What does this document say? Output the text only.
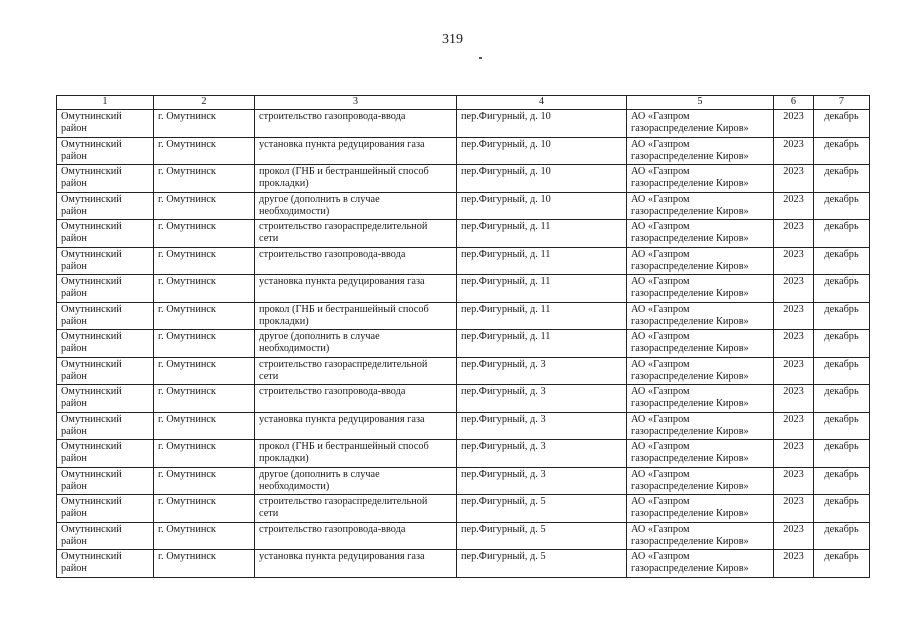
319
1	2	3	4	5	6	7
Омутнинский
район	г. Омутнинск	строительство газопровода-ввода	пер.Фигурный, д. 10	АО «Газпром
газораспределение Киров»	2023	декабрь
Омутнинский
район	г. Омутнинск	установка пункта редуцирования газа	пер.Фигурный, д. 10	АО «Газпром
газораспределение Киров»	2023	декабрь
Омутнинский
район	г. Омутнинск	прокол (ГНБ и бестраншейный способ
прокладки)	пер.Фигурный, д. 10	АО «Газпром
газораспределение Киров»	2023	декабрь
Омутнинский
район	г. Омутнинск	другое (дополнить в случае
необходимости)	пер.Фигурный, д. 10	АО «Газпром
газораспределение Киров»	2023	декабрь
Омутнинский
район	г. Омутнинск	строительство газораспределительной
сети	пер.Фигурный, д. 11	АО «Газпром
газораспределение Киров»	2023	декабрь
Омутнинский
район	г. Омутнинск	строительство газопровода-ввода	пер.Фигурный, д. 11	АО «Газпром
газораспределение Киров»	2023	декабрь
Омутнинский
район	г. Омутнинск	установка пункта редуцирования газа	пер.Фигурный, д. 11	АО «Газпром
газораспределение Киров»	2023	декабрь
Омутнинский
район	г. Омутнинск	прокол (ГНБ и бестраншейный способ
прокладки)	пер.Фигурный, д. 11	АО «Газпром
газораспределение Киров»	2023	декабрь
Омутнинский
район	г. Омутнинск	другое (дополнить в случае
необходимости)	пер.Фигурный, д. 11	АО «Газпром
газораспределение Киров»	2023	декабрь
Омутнинский
район	г. Омутнинск	строительство газораспределительной
сети	пер.Фигурный, д. 3	АО «Газпром
газораспределение Киров»	2023	декабрь
Омутнинский
район	г. Омутнинск	строительство газопровода-ввода	пер.Фигурный, д. 3	АО «Газпром
газораспределение Киров»	2023	декабрь
Омутнинский
район	г. Омутнинск	установка пункта редуцирования газа	пер.Фигурный, д. 3	АО «Газпром
газораспределение Киров»	2023	декабрь
Омутнинский
район	г. Омутнинск	прокол (ГНБ и бестраншейный способ
прокладки)	пер.Фигурный, д. 3	АО «Газпром
газораспределение Киров»	2023	декабрь
Омутнинский
район	г. Омутнинск	другое (дополнить в случае
необходимости)	пер.Фигурный, д. 3	АО «Газпром
газораспределение Киров»	2023	декабрь
Омутнинский
район	г. Омутнинск	строительство газораспределительной
сети	пер.Фигурный, д. 5	АО «Газпром
газораспределение Киров»	2023	декабрь
Омутнинский
район	г. Омутнинск	строительство газопровода-ввода	пер.Фигурный, д. 5	АО «Газпром
газораспределение Киров»	2023	декабрь
Омутнинский
район	г. Омутнинск	установка пункта редуцирования газа	пер.Фигурный, д. 5	АО «Газпром
газораспределение Киров»	2023	декабрь
